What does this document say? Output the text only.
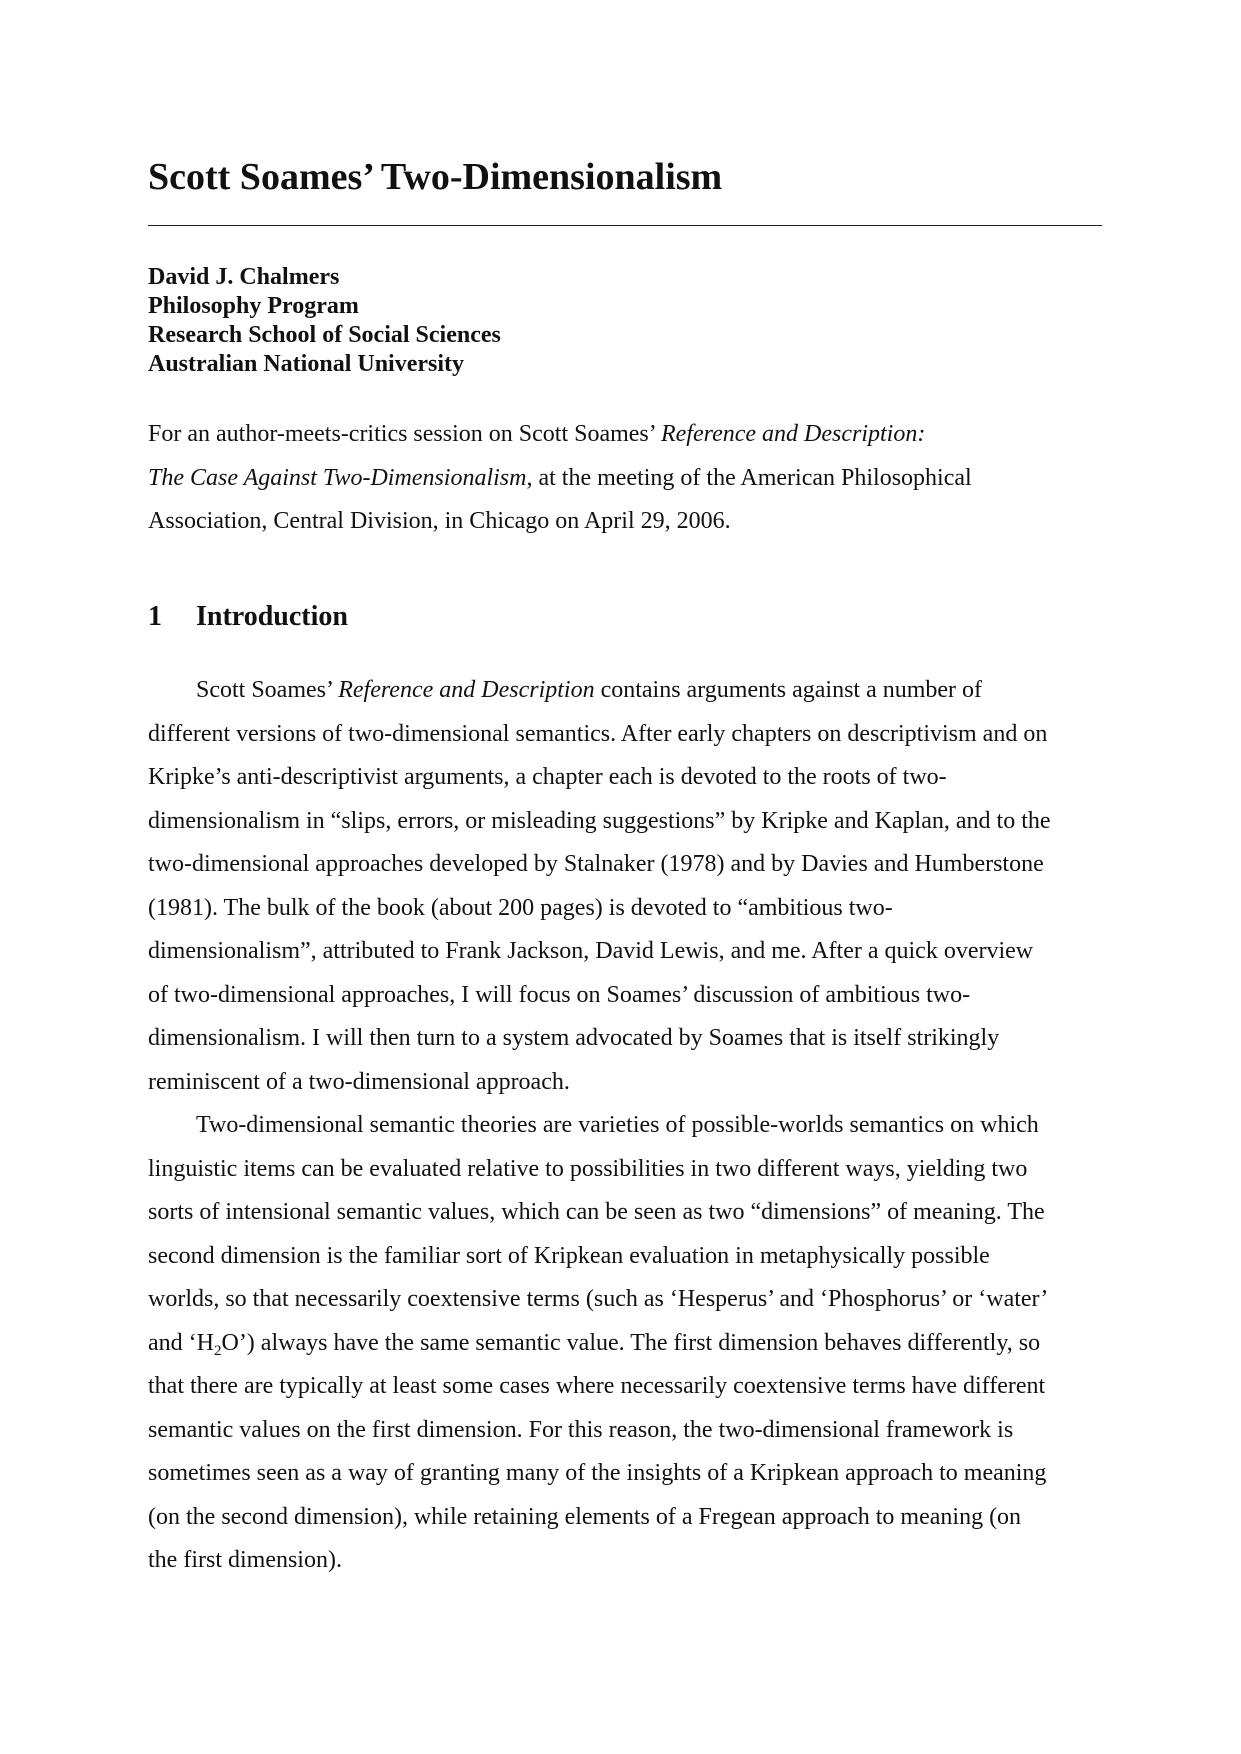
Scott Soames’ Two-Dimensionalism
David J. Chalmers
Philosophy Program
Research School of Social Sciences
Australian National University
For an author-meets-critics session on Scott Soames’ Reference and Description:
The Case Against Two-Dimensionalism, at the meeting of the American Philosophical
Association, Central Division, in Chicago on April 29, 2006.
1 Introduction
Scott Soames’ Reference and Description contains arguments against a number of
different versions of two-dimensional semantics. After early chapters on descriptivism and on
Kripke’s anti-descriptivist arguments, a chapter each is devoted to the roots of two-
dimensionalism in “slips, errors, or misleading suggestions” by Kripke and Kaplan, and to the
two-dimensional approaches developed by Stalnaker (1978) and by Davies and Humberstone
(1981). The bulk of the book (about 200 pages) is devoted to “ambitious two-
dimensionalism”, attributed to Frank Jackson, David Lewis, and me. After a quick overview
of two-dimensional approaches, I will focus on Soames’ discussion of ambitious two-
dimensionalism. I will then turn to a system advocated by Soames that is itself strikingly
reminiscent of a two-dimensional approach.
Two-dimensional semantic theories are varieties of possible-worlds semantics on which
linguistic items can be evaluated relative to possibilities in two different ways, yielding two
sorts of intensional semantic values, which can be seen as two “dimensions” of meaning. The
second dimension is the familiar sort of Kripkean evaluation in metaphysically possible
worlds, so that necessarily coextensive terms (such as ‘Hesperus’ and ‘Phosphorus’ or ‘water’
and ‘$H_2O$’) always have the same semantic value. The first dimension behaves differently, so
that there are typically at least some cases where necessarily coextensive terms have different
semantic values on the first dimension. For this reason, the two-dimensional framework is
sometimes seen as a way of granting many of the insights of a Kripkean approach to meaning
(on the second dimension), while retaining elements of a Fregean approach to meaning (on
the first dimension).
